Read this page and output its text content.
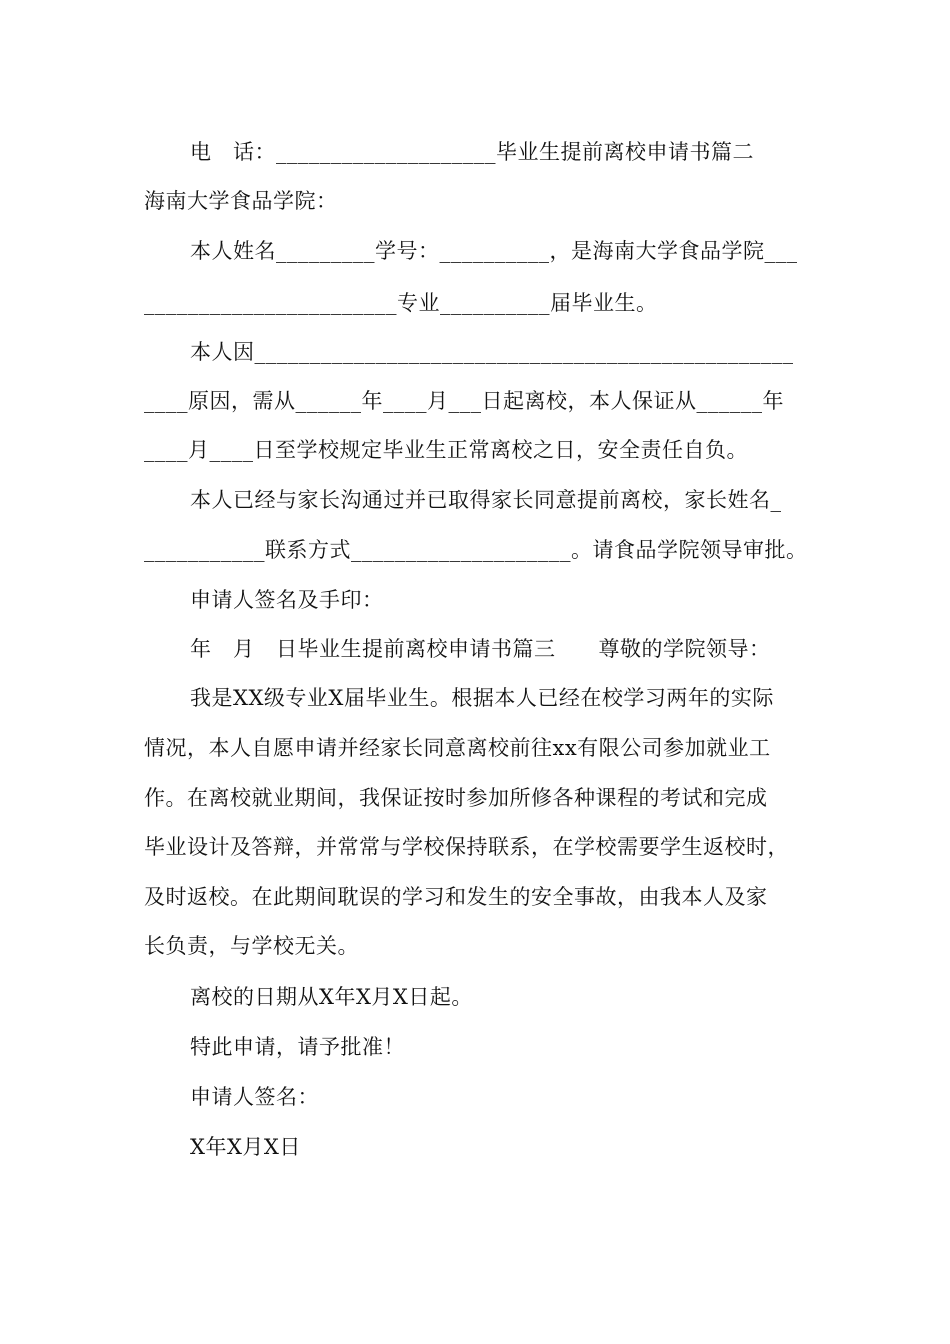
电　话：____________________毕业生提前离校申请书篇二
海南大学食品学院：
本人姓名_________学号：__________，是海南大学食品学院___
_______________________专业__________届毕业生。
本人因_________________________________________________
____原因，需从______年____月___日起离校，本人保证从______年
____月____日至学校规定毕业生正常离校之日，安全责任自负。
本人已经与家长沟通过并已取得家长同意提前离校，家长姓名_
___________联系方式____________________。请食品学院领导审批。
申请人签名及手印：
年　月　日毕业生提前离校申请书篇三　　尊敬的学院领导：
我是XX级专业X届毕业生。根据本人已经在校学习两年的实际
情况，本人自愿申请并经家长同意离校前往xx有限公司参加就业工
作。在离校就业期间，我保证按时参加所修各种课程的考试和完成
毕业设计及答辩，并常常与学校保持联系，在学校需要学生返校时，
及时返校。在此期间耽误的学习和发生的安全事故，由我本人及家
长负责，与学校无关。
离校的日期从X年X月X日起。
特此申请，请予批准！
申请人签名：
X年X月X日
